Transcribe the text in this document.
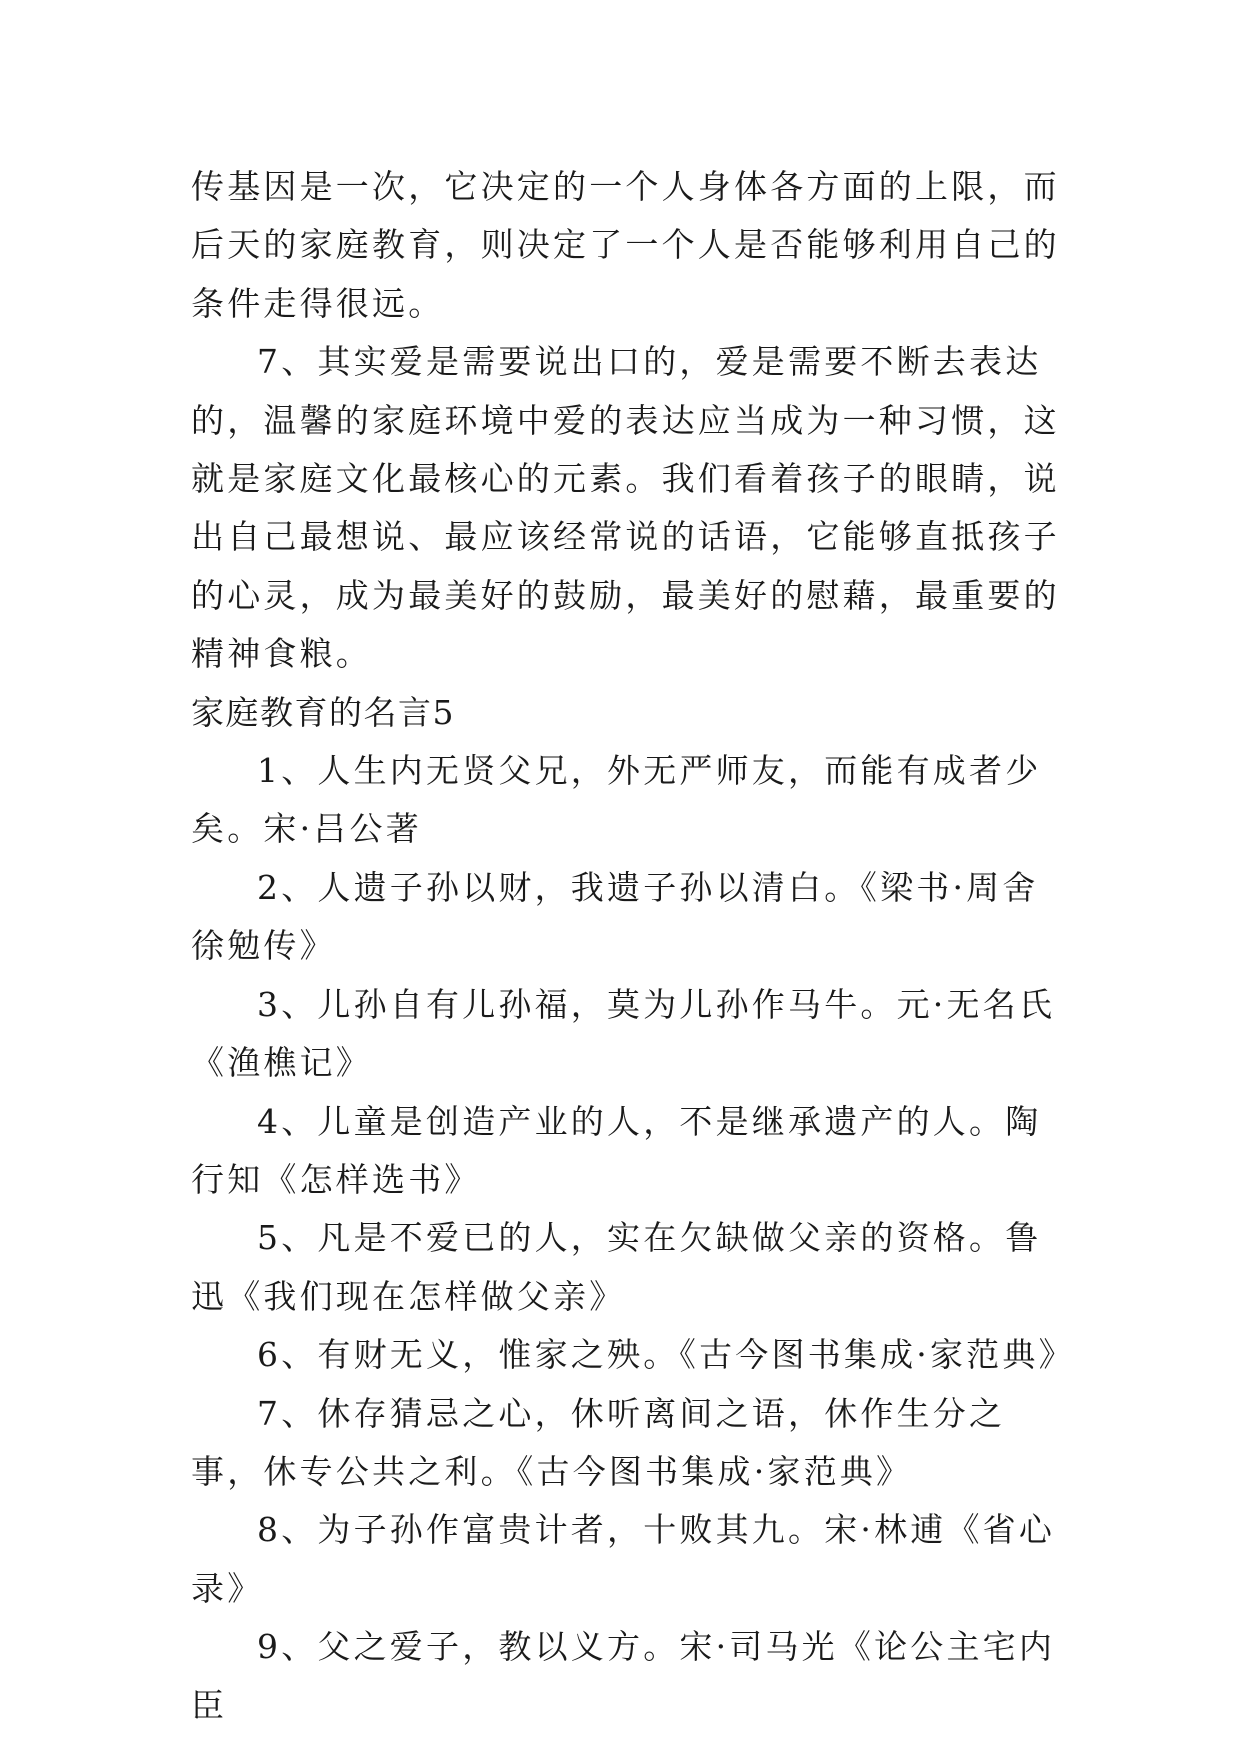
传基因是一次，它决定的一个人身体各方面的上限，而后天的家庭教育，则决定了一个人是否能够利用自己的条件走得很远。

7、其实爱是需要说出口的，爱是需要不断去表达的，温馨的家庭环境中爱的表达应当成为一种习惯，这就是家庭文化最核心的元素。我们看着孩子的眼睛，说出自己最想说、最应该经常说的话语，它能够直抵孩子的心灵，成为最美好的鼓励，最美好的慰藉，最重要的精神食粮。

家庭教育的名言5

1、人生内无贤父兄，外无严师友，而能有成者少矣。宋·吕公著

2、人遗子孙以财，我遗子孙以清白。《梁书·周舍徐勉传》

3、儿孙自有儿孙福，莫为儿孙作马牛。元·无名氏《渔樵记》

4、儿童是创造产业的人，不是继承遗产的人。陶行知《怎样选书》

5、凡是不爱已的人，实在欠缺做父亲的资格。鲁迅《我们现在怎样做父亲》

6、有财无义，惟家之殃。《古今图书集成·家范典》

7、休存猜忌之心，休听离间之语，休作生分之事，休专公共之利。《古今图书集成·家范典》

8、为子孙作富贵计者，十败其九。宋·林逋《省心录》

9、父之爱子，教以义方。宋·司马光《论公主宅内臣
